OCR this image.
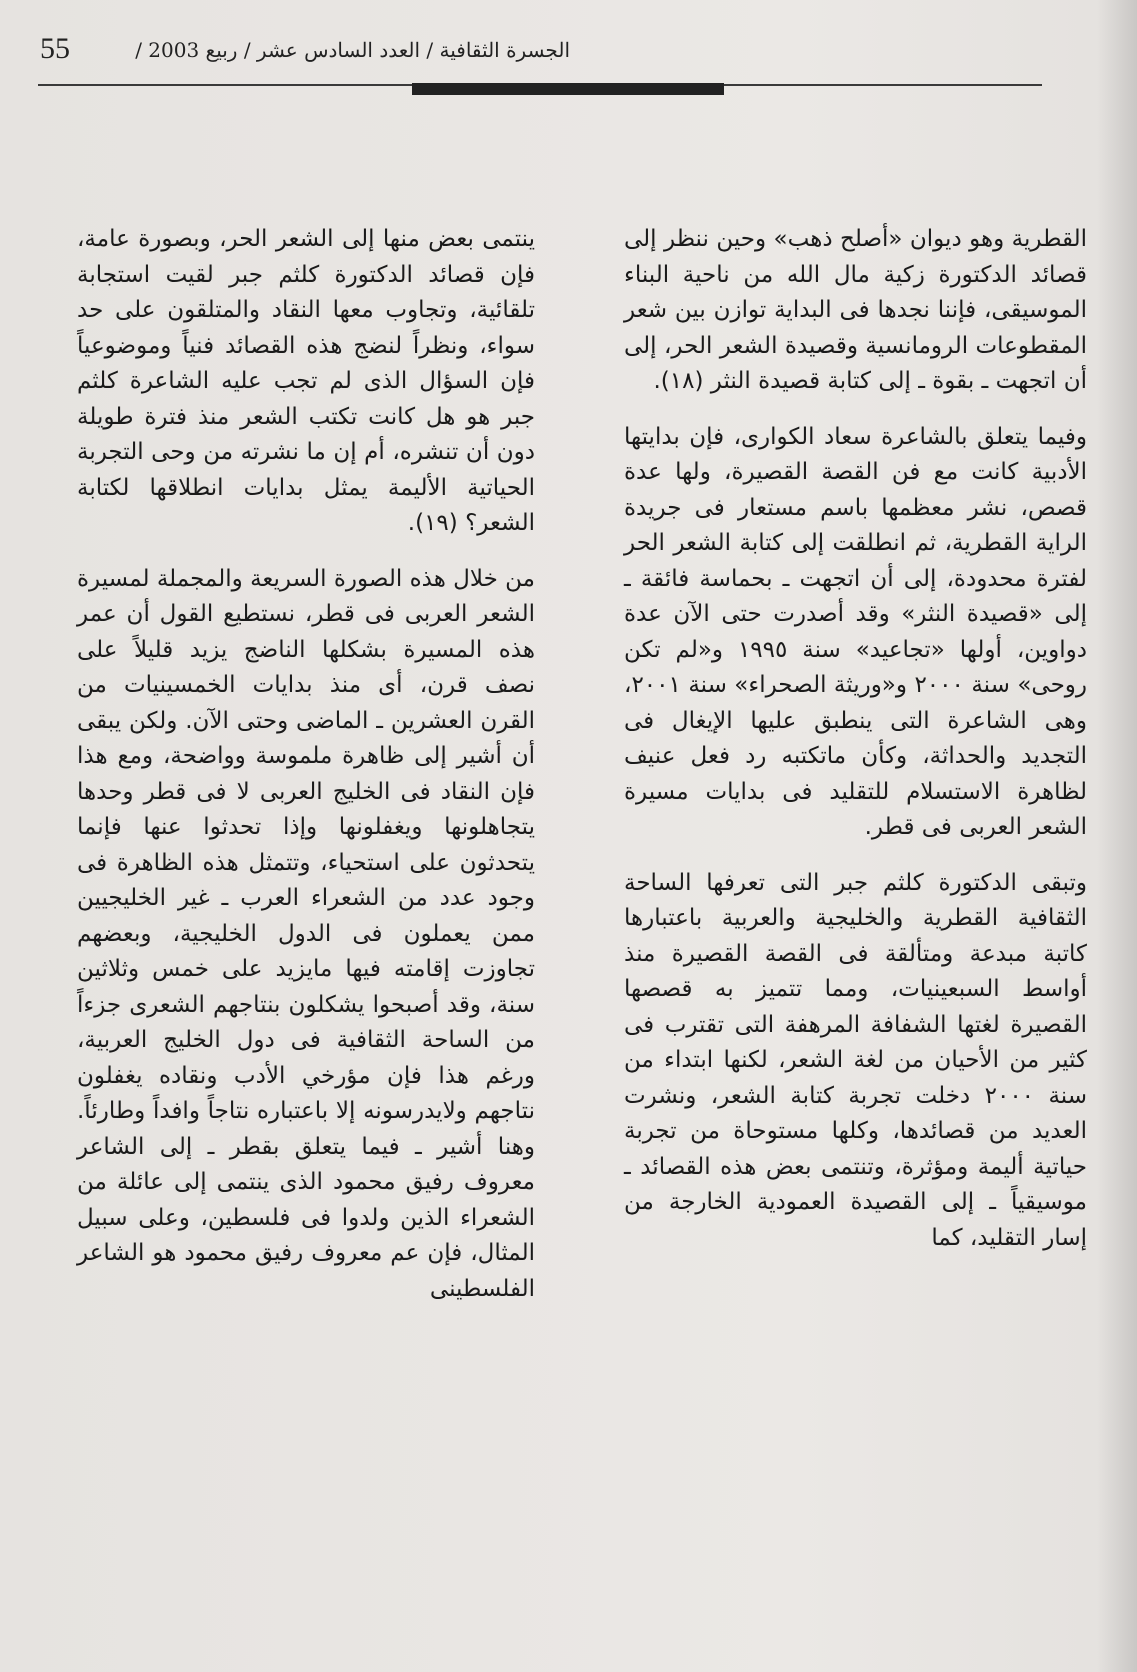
55	الجسرة الثقافية / العدد السادس عشر / ربيع 2003 /

القطرية وهو ديوان «أصلح ذهب» وحين ننظر إلى قصائد الدكتورة زكية مال الله من ناحية البناء الموسيقى، فإننا نجدها فى البداية توازن بين شعر المقطوعات الرومانسية وقصيدة الشعر الحر، إلى أن اتجهت ـ بقوة ـ إلى كتابة قصيدة النثر (١٨).

وفيما يتعلق بالشاعرة سعاد الكوارى، فإن بدايتها الأدبية كانت مع فن القصة القصيرة، ولها عدة قصص، نشر معظمها باسم مستعار فى جريدة الراية القطرية، ثم انطلقت إلى كتابة الشعر الحر لفترة محدودة، إلى أن اتجهت ـ بحماسة فائقة ـ إلى «قصيدة النثر» وقد أصدرت حتى الآن عدة دواوين، أولها «تجاعيد» سنة ١٩٩٥ و«لم تكن روحى» سنة ٢٠٠٠ و«وريثة الصحراء» سنة ٢٠٠١، وهى الشاعرة التى ينطبق عليها الإيغال فى التجديد والحداثة، وكأن ماتكتبه رد فعل عنيف لظاهرة الاستسلام للتقليد فى بدايات مسيرة الشعر العربى فى قطر.

وتبقى الدكتورة كلثم جبر التى تعرفها الساحة الثقافية القطرية والخليجية والعربية باعتبارها كاتبة مبدعة ومتألقة فى القصة القصيرة منذ أواسط السبعينيات، ومما تتميز به قصصها القصيرة لغتها الشفافة المرهفة التى تقترب فى كثير من الأحيان من لغة الشعر، لكنها ابتداء من سنة ٢٠٠٠ دخلت تجربة كتابة الشعر، ونشرت العديد من قصائدها، وكلها مستوحاة من تجربة حياتية أليمة ومؤثرة، وتنتمى بعض هذه القصائد ـ موسيقياً ـ إلى القصيدة العمودية الخارجة من إسار التقليد، كما

ينتمى بعض منها إلى الشعر الحر، وبصورة عامة، فإن قصائد الدكتورة كلثم جبر لقيت استجابة تلقائية، وتجاوب معها النقاد والمتلقون على حد سواء، ونظراً لنضج هذه القصائد فنياً وموضوعياً فإن السؤال الذى لم تجب عليه الشاعرة كلثم جبر هو هل كانت تكتب الشعر منذ فترة طويلة دون أن تنشره، أم إن ما نشرته من وحى التجربة الحياتية الأليمة يمثل بدايات انطلاقها لكتابة الشعر؟ (١٩).

من خلال هذه الصورة السريعة والمجملة لمسيرة الشعر العربى فى قطر، نستطيع القول أن عمر هذه المسيرة بشكلها الناضج يزيد قليلاً على نصف قرن، أى منذ بدايات الخمسينيات من القرن العشرين ـ الماضى وحتى الآن. ولكن يبقى أن أشير إلى ظاهرة ملموسة وواضحة، ومع هذا فإن النقاد فى الخليج العربى لا فى قطر وحدها يتجاهلونها ويغفلونها وإذا تحدثوا عنها فإنما يتحدثون على استحياء، وتتمثل هذه الظاهرة فى وجود عدد من الشعراء العرب ـ غير الخليجيين ممن يعملون فى الدول الخليجية، وبعضهم تجاوزت إقامته فيها مايزيد على خمس وثلاثين سنة، وقد أصبحوا يشكلون بنتاجهم الشعرى جزءاً من الساحة الثقافية فى دول الخليج العربية، ورغم هذا فإن مؤرخي الأدب ونقاده يغفلون نتاجهم ولايدرسونه إلا باعتباره نتاجاً وافداً وطارئاً. وهنا أشير ـ فيما يتعلق بقطر ـ إلى الشاعر معروف رفيق محمود الذى ينتمى إلى عائلة من الشعراء الذين ولدوا فى فلسطين، وعلى سبيل المثال، فإن عم معروف رفيق محمود هو الشاعر الفلسطينى
